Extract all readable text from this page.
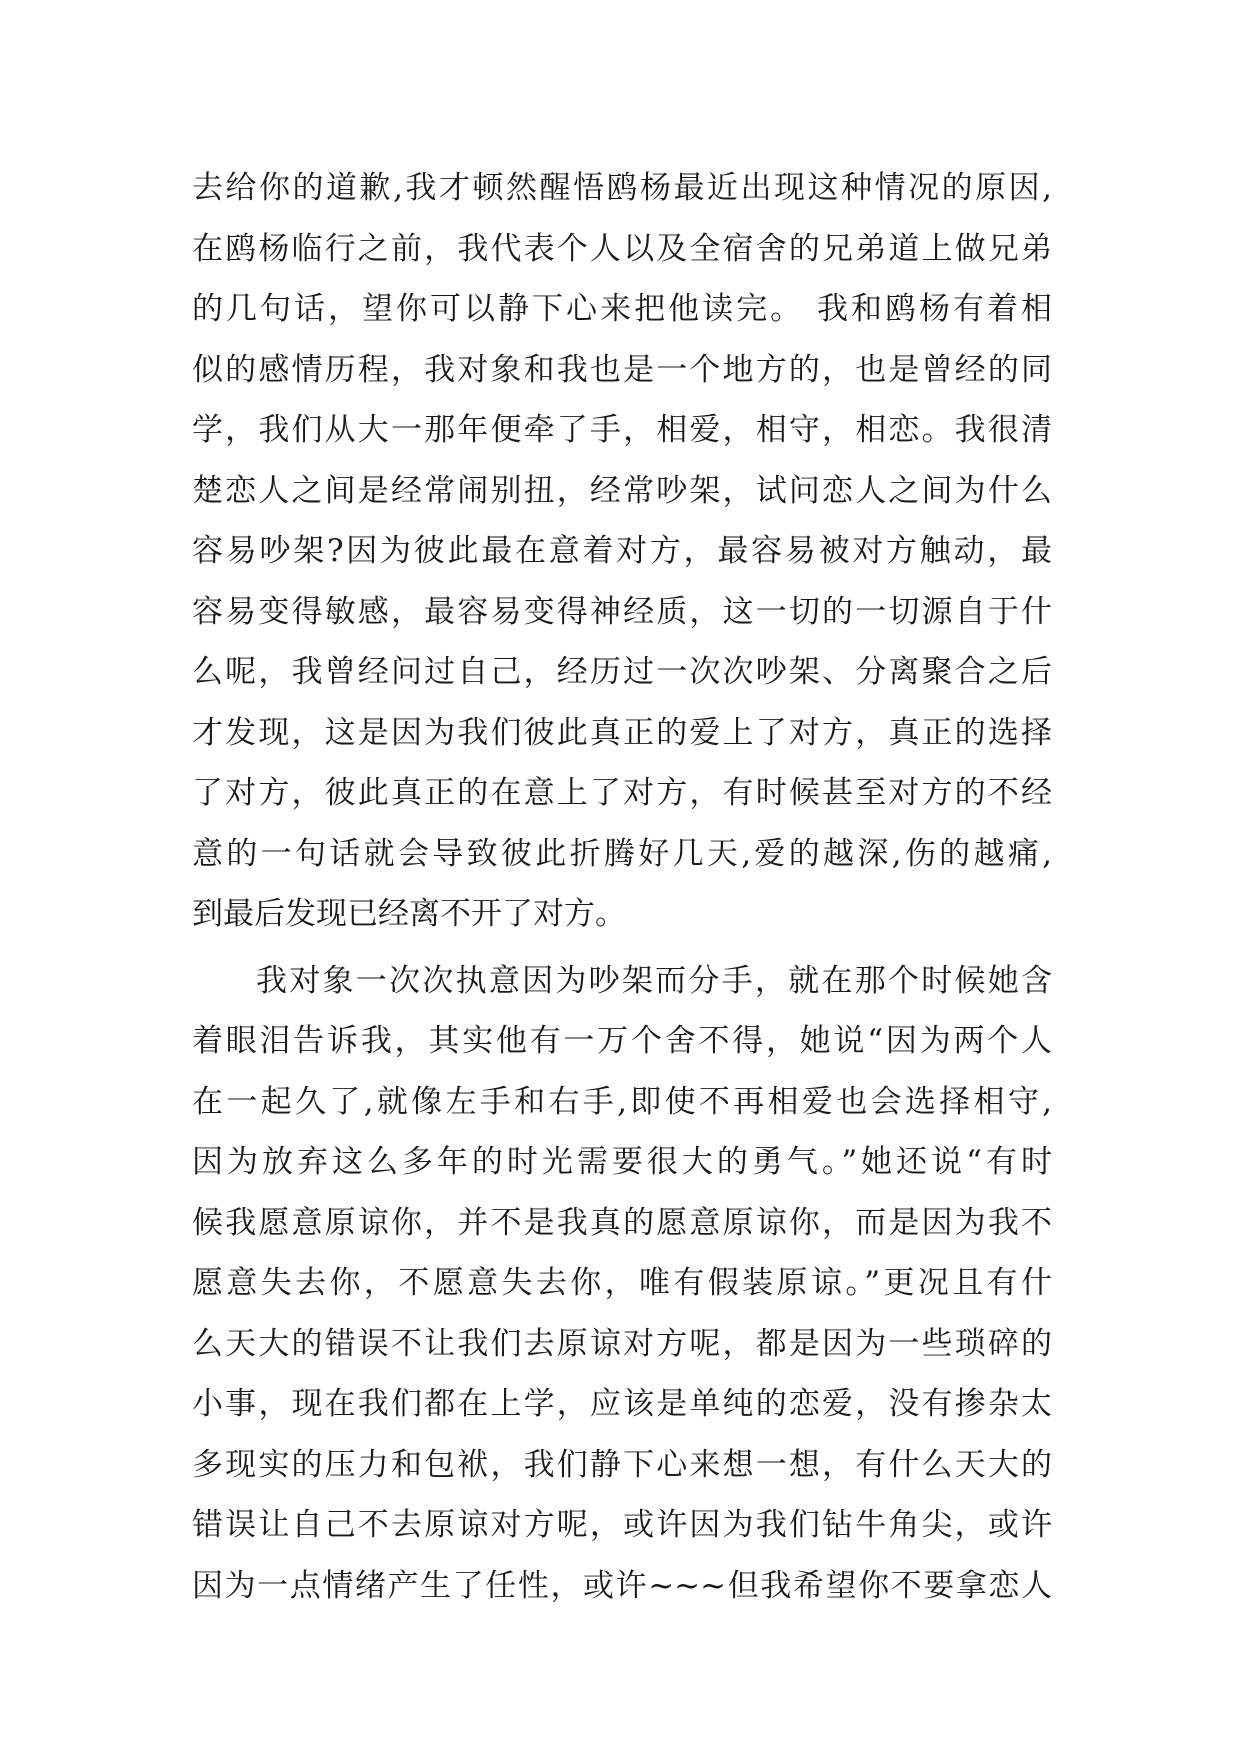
去给你的道歉,我才顿然醒悟鸥杨最近出现这种情况的原因,
在鸥杨临行之前，我代表个人以及全宿舍的兄弟道上做兄弟
的几句话，望你可以静下心来把他读完。 我和鸥杨有着相
似的感情历程，我对象和我也是一个地方的，也是曾经的同
学，我们从大一那年便牵了手，相爱，相守，相恋。我很清
楚恋人之间是经常闹别扭，经常吵架，试问恋人之间为什么
容易吵架?因为彼此最在意着对方，最容易被对方触动，最
容易变得敏感，最容易变得神经质，这一切的一切源自于什
么呢，我曾经问过自己，经历过一次次吵架、分离聚合之后
才发现，这是因为我们彼此真正的爱上了对方，真正的选择
了对方，彼此真正的在意上了对方，有时候甚至对方的不经
意的一句话就会导致彼此折腾好几天,爱的越深,伤的越痛,
到最后发现已经离不开了对方。
我对象一次次执意因为吵架而分手，就在那个时候她含
着眼泪告诉我，其实他有一万个舍不得，她说“因为两个人
在一起久了,就像左手和右手,即使不再相爱也会选择相守,
因为放弃这么多年的时光需要很大的勇气。”她还说“有时
候我愿意原谅你，并不是我真的愿意原谅你，而是因为我不
愿意失去你，不愿意失去你，唯有假装原谅。”更况且有什
么天大的错误不让我们去原谅对方呢，都是因为一些琐碎的
小事，现在我们都在上学，应该是单纯的恋爱，没有掺杂太
多现实的压力和包袱，我们静下心来想一想，有什么天大的
错误让自己不去原谅对方呢，或许因为我们钻牛角尖，或许
因为一点情绪产生了任性，或许~~~但我希望你不要拿恋人
